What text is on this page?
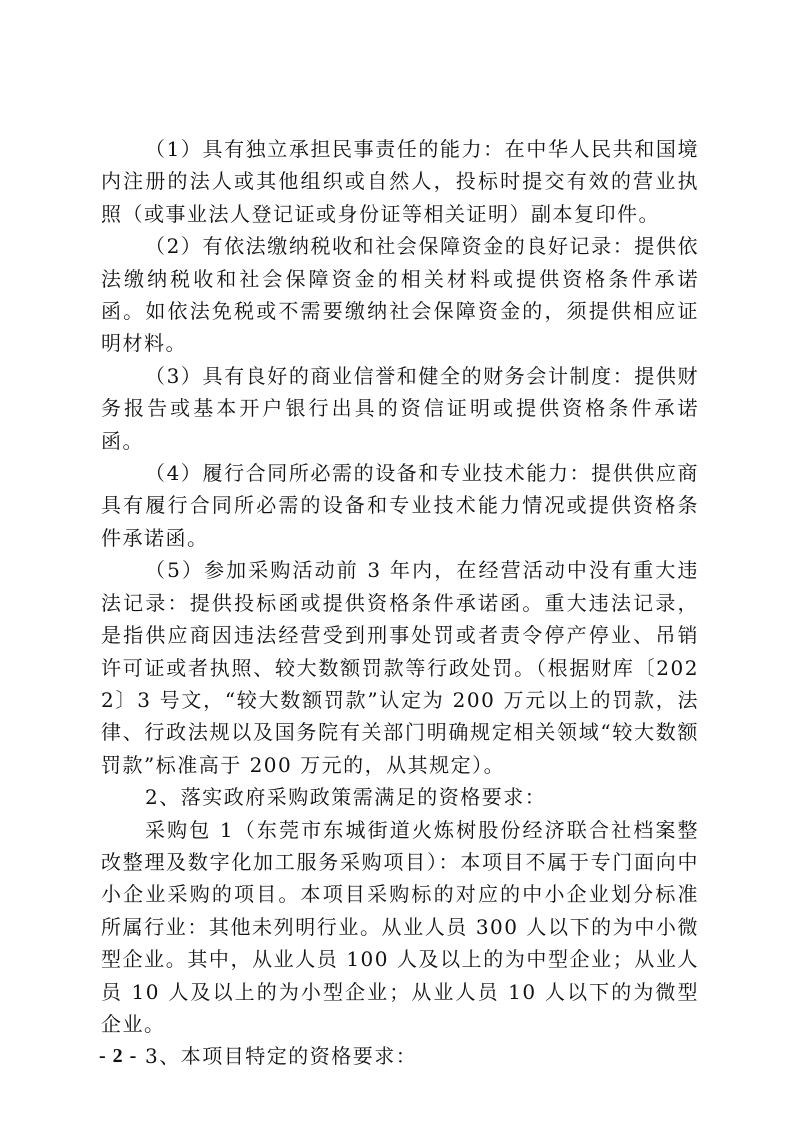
（1）具有独立承担民事责任的能力：在中华人民共和国境内注册的法人或其他组织或自然人，投标时提交有效的营业执照（或事业法人登记证或身份证等相关证明）副本复印件。

（2）有依法缴纳税收和社会保障资金的良好记录：提供依法缴纳税收和社会保障资金的相关材料或提供资格条件承诺函。如依法免税或不需要缴纳社会保障资金的，须提供相应证明材料。

（3）具有良好的商业信誉和健全的财务会计制度：提供财务报告或基本开户银行出具的资信证明或提供资格条件承诺函。

（4）履行合同所必需的设备和专业技术能力：提供供应商具有履行合同所必需的设备和专业技术能力情况或提供资格条件承诺函。

（5）参加采购活动前 3 年内，在经营活动中没有重大违法记录：提供投标函或提供资格条件承诺函。重大违法记录，是指供应商因违法经营受到刑事处罚或者责令停产停业、吊销许可证或者执照、较大数额罚款等行政处罚。（根据财库〔2022〕3 号文，“较大数额罚款”认定为 200 万元以上的罚款，法律、行政法规以及国务院有关部门明确规定相关领域“较大数额罚款”标准高于 200 万元的，从其规定）。

2、落实政府采购政策需满足的资格要求：

采购包 1（东莞市东城街道火炼树股份经济联合社档案整改整理及数字化加工服务采购项目）：本项目不属于专门面向中小企业采购的项目。本项目采购标的对应的中小企业划分标准所属行业：其他未列明行业。从业人员 300 人以下的为中小微型企业。其中，从业人员 100 人及以上的为中型企业；从业人员 10 人及以上的为小型企业；从业人员 10 人以下的为微型企业。

3、本项目特定的资格要求：

- 2 -
